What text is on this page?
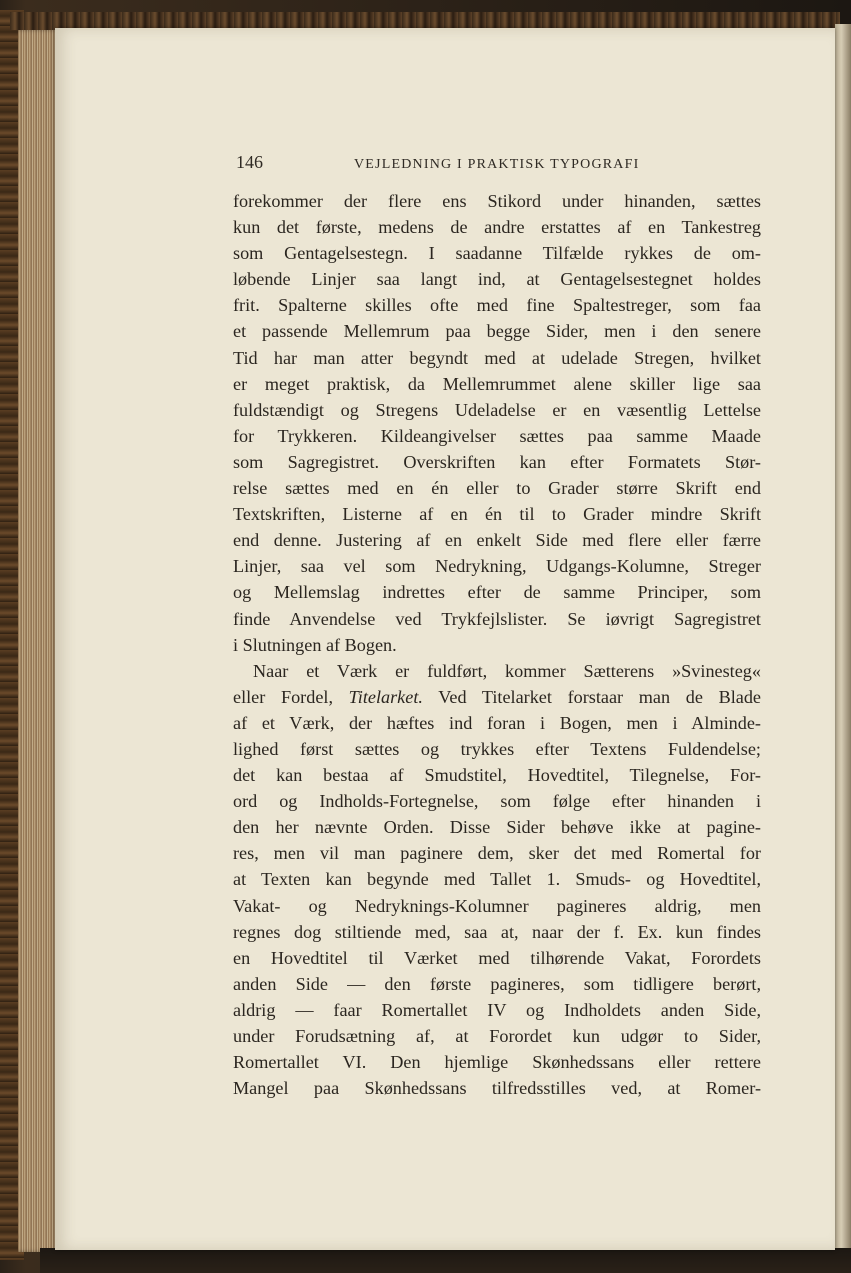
146	VEJLEDNING I PRAKTISK TYPOGRAFI
forekommer der flere ens Stikord under hinanden, sættes
kun det første, medens de andre erstattes af en Tankestreg
som Gentagelsestegn. I saadanne Tilfælde rykkes de om-
løbende Linjer saa langt ind, at Gentagelsestegnet holdes
frit. Spalterne skilles ofte med fine Spaltestreger, som faa
et passende Mellemrum paa begge Sider, men i den senere
Tid har man atter begyndt med at udelade Stregen, hvilket
er meget praktisk, da Mellemrummet alene skiller lige saa
fuldstændigt og Stregens Udeladelse er en væsentlig Lettelse
for Trykkeren. Kildeangivelser sættes paa samme Maade
som Sagregistret. Overskriften kan efter Formatets Stør-
relse sættes med en én eller to Grader større Skrift end
Textskriften, Listerne af en én til to Grader mindre Skrift
end denne. Justering af en enkelt Side med flere eller færre
Linjer, saa vel som Nedrykning, Udgangs-Kolumne, Streger
og Mellemslag indrettes efter de samme Principer, som
finde Anvendelse ved Trykfejlslister. Se iøvrigt Sagregistret
i Slutningen af Bogen.
Naar et Værk er fuldført, kommer Sætterens »Svinesteg«
eller Fordel, Titelarket. Ved Titelarket forstaar man de Blade
af et Værk, der hæftes ind foran i Bogen, men i Alminde-
lighed først sættes og trykkes efter Textens Fuldendelse;
det kan bestaa af Smudstitel, Hovedtitel, Tilegnelse, For-
ord og Indholds-Fortegnelse, som følge efter hinanden i
den her nævnte Orden. Disse Sider behøve ikke at pagine-
res, men vil man paginere dem, sker det med Romertal for
at Texten kan begynde med Tallet 1. Smuds- og Hovedtitel,
Vakat- og Nedryknings-Kolumner pagineres aldrig, men
regnes dog stiltiende med, saa at, naar der f. Ex. kun findes
en Hovedtitel til Værket med tilhørende Vakat, Forordets
anden Side — den første pagineres, som tidligere berørt,
aldrig — faar Romertallet IV og Indholdets anden Side,
under Forudsætning af, at Forordet kun udgør to Sider,
Romertallet VI. Den hjemlige Skønhedssans eller rettere
Mangel paa Skønhedssans tilfredsstilles ved, at Romer-
